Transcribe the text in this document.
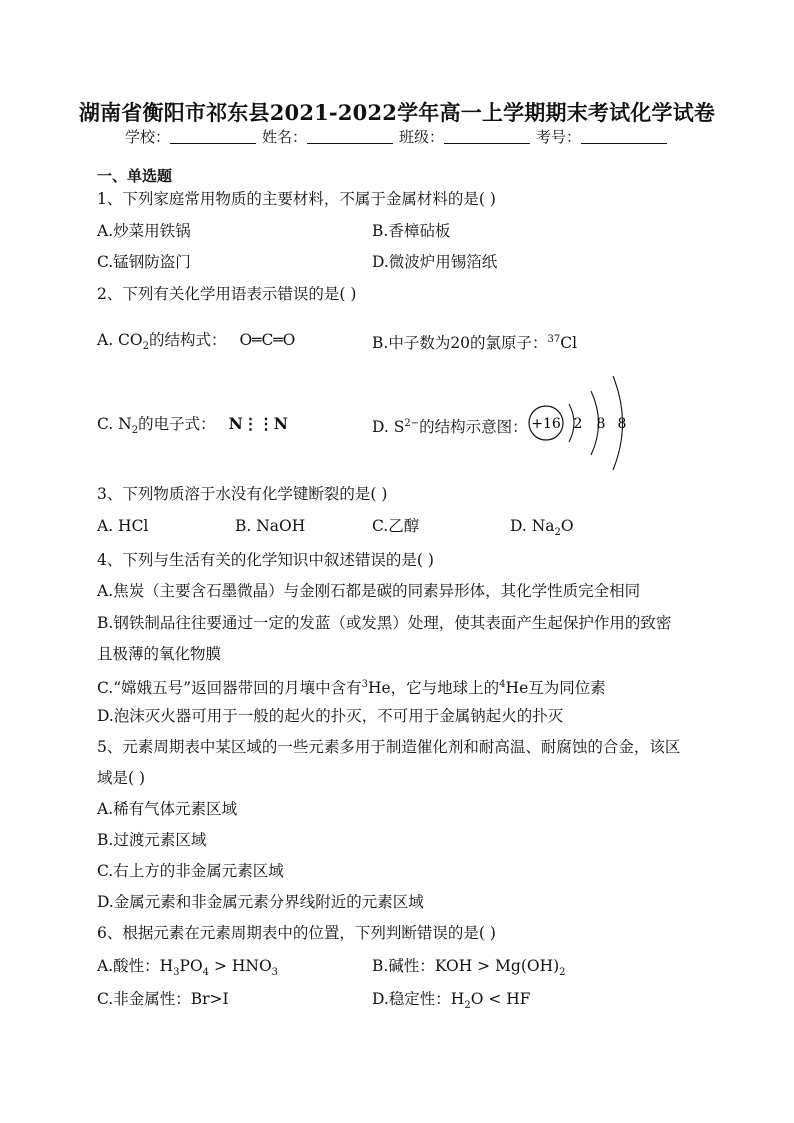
湖南省衡阳市祁东县2021-2022学年高一上学期期末考试化学试卷
学校：	姓名：	班级：	考号：
一、单选题
1、下列家庭常用物质的主要材料，不属于金属材料的是( )
A.炒菜用铁锅	B.香樟砧板
C.锰钢防盗门	D.微波炉用锡箔纸
2、下列有关化学用语表示错误的是( )
A. $CO_2$的结构式： O═C═O	B.中子数为20的氯原子：$^{37}$Cl
C. $N_2$的电子式： N⋮⋮N	D. $S^{2-}$的结构示意图： +16 2 8 8
3、下列物质溶于水没有化学键断裂的是( )
A. HCl	B. NaOH	C.乙醇	D. $Na_2O$
4、下列与生活有关的化学知识中叙述错误的是( )
A.焦炭（主要含石墨微晶）与金刚石都是碳的同素异形体，其化学性质完全相同
B.钢铁制品往往要通过一定的发蓝（或发黑）处理，使其表面产生起保护作用的致密
且极薄的氧化物膜
C.“嫦娥五号”返回器带回的月壤中含有$^3$He，它与地球上的$^4$He互为同位素
D.泡沫灭火器可用于一般的起火的扑灭，不可用于金属钠起火的扑灭
5、元素周期表中某区域的一些元素多用于制造催化剂和耐高温、耐腐蚀的合金，该区
域是( )
A.稀有气体元素区域
B.过渡元素区域
C.右上方的非金属元素区域
D.金属元素和非金属元素分界线附近的元素区域
6、根据元素在元素周期表中的位置，下列判断错误的是( )
A.酸性：$H_3PO_4 > HNO_3$	B.碱性：KOH > $Mg(OH)_2$
C.非金属性：Br>I	D.稳定性：$H_2O$ < HF
